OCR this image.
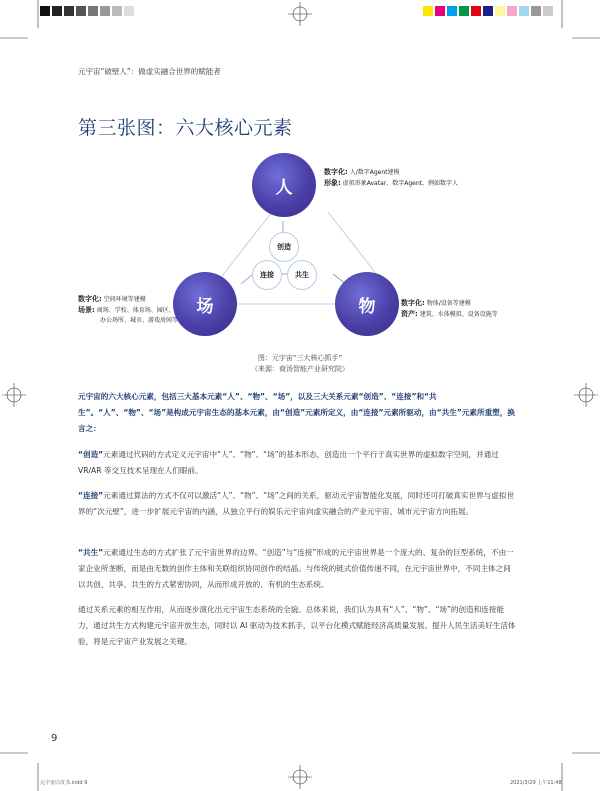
元宇宙“破壁人”：做虚实融合世界的赋能者
第三张图：六大核心元素
人
场	物
创造
连接	共生
数字化: 人/数字Agent建模
形象: 虚拟形象Avatar、数字Agent、例如数字人
数字化: 空间环境等建模
场景: 商场、学校、体育场、园区、
办公场所、城市、游戏房间等
数字化: 物体/设备等建模
资产: 建筑、水体模拟、设备设施等
图：元宇宙“三大核心抓手”
（来源：商汤智能产业研究院）
元宇宙的六大核心元素，包括三大基本元素“人”、“物”、“场”，以及三大关系元素“创造”、“连接”和“共生”。“人”、“物”、“场”是构成元宇宙生态的基本元素，由“创造”元素所定义，由“连接”元素所驱动，由“共生”元素所重塑，换言之：
“创造”元素通过代码的方式定义元宇宙中“人”、“物”、“场”的基本形态，创造出一个平行于真实世界的虚拟数字空间，并通过 VR/AR 等交互技术呈现在人们眼前。
“连接”元素通过算法的方式不仅可以激活“人”、“物”、“场”之间的关系，驱动元宇宙智能化发展，同时还可打破真实世界与虚拟世界的“次元壁”，进一步扩展元宇宙的内涵，从独立平行的娱乐元宇宙向虚实融合的产业元宇宙、城市元宇宙方向拓展。
“共生”元素通过生态的方式扩张了元宇宙世界的边界。“创造”与“连接”形成的元宇宙世界是一个庞大的、复杂的巨型系统，不由一家企业所垄断，而是由无数的创作主体和关联组织协同创作的结晶。与传统的链式价值传递不同，在元宇宙世界中，不同主体之间以共创、共享、共生的方式紧密协同，从而形成开放的、有机的生态系统。
通过关系元素的相互作用，从而逐步演化出元宇宙生态系统的全貌。总体来说，我们认为具有“人”、“物”、“场”的创造和连接能力，通过共生方式构建元宇宙开放生态，同时以 AI 驱动为技术抓手，以平台化模式赋能经济高质量发展、提升人民生活美好生活体验，将是元宇宙产业发展之关键。
9
元宇宙白皮书.indd 9	2021/3/29 上午11:48
